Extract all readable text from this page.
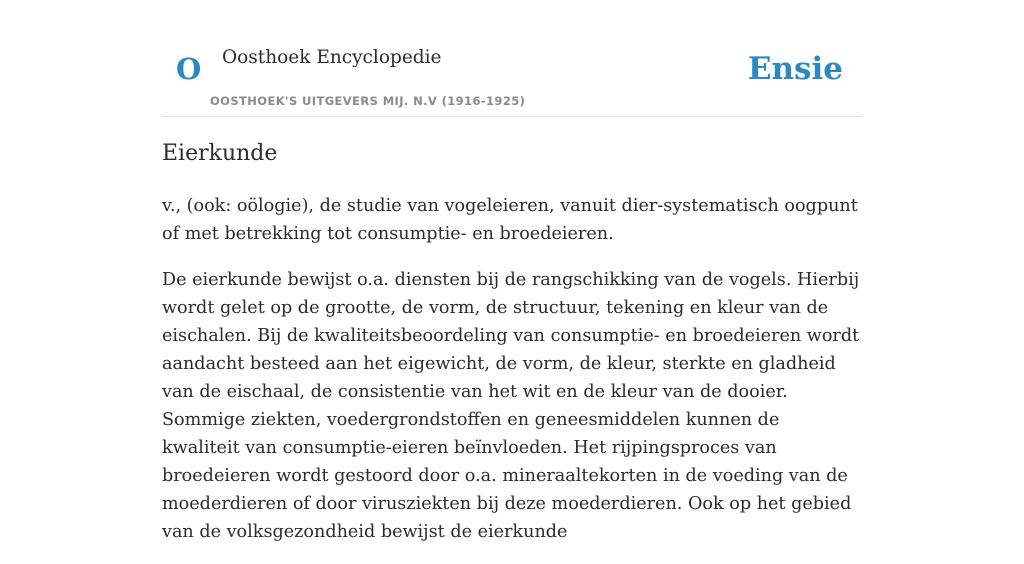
O Oosthoek Encyclopedie
OOSTHOEK'S UITGEVERS MIJ. N.V (1916-1925)
Ensie
Eierkunde

v., (ook: oölogie), de studie van vogeleieren, vanuit dier-systematisch oogpunt of met betrekking tot consumptie- en broedeieren.

De eierkunde bewijst o.a. diensten bij de rangschikking van de vogels. Hierbij wordt gelet op de grootte, de vorm, de structuur, tekening en kleur van de eischalen. Bij de kwaliteitsbeoordeling van consumptie- en broedeieren wordt aandacht besteed aan het eigewicht, de vorm, de kleur, sterkte en gladheid van de eischaal, de consistentie van het wit en de kleur van de dooier. Sommige ziekten, voedergrondstoffen en geneesmiddelen kunnen de kwaliteit van consumptie-eieren beïnvloeden. Het rijpingsproces van broedeieren wordt gestoord door o.a. mineraaltekorten in de voeding van de moederdieren of door virusziekten bij deze moederdieren. Ook op het gebied van de volksgezondheid bewijst de eierkunde
